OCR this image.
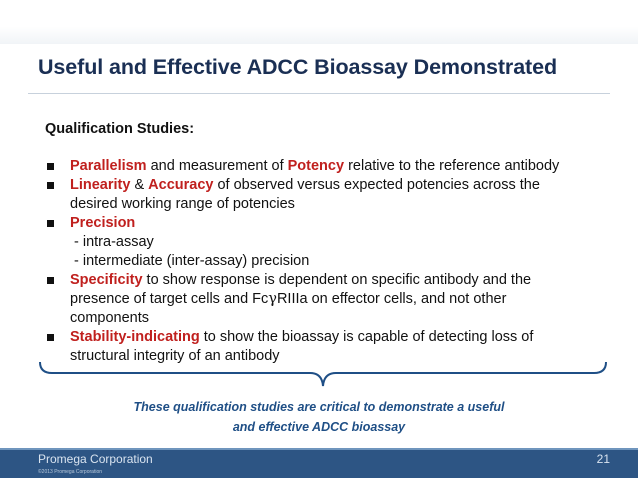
Useful and Effective ADCC Bioassay Demonstrated
Qualification Studies:
Parallelism and measurement of Potency relative to the reference antibody
Linearity & Accuracy of observed versus expected potencies across the
desired working range of potencies
Precision
- intra-assay
- intermediate (inter-assay) precision
Specificity to show response is dependent on specific antibody and the
presence of target cells and FcγRIIIa on effector cells, and not other
components
Stability-indicating to show the bioassay is capable of detecting loss of
structural integrity of an antibody
These qualification studies are critical to demonstrate a useful
and effective ADCC bioassay
Promega Corporation
©2013 Promega Corporation
21
